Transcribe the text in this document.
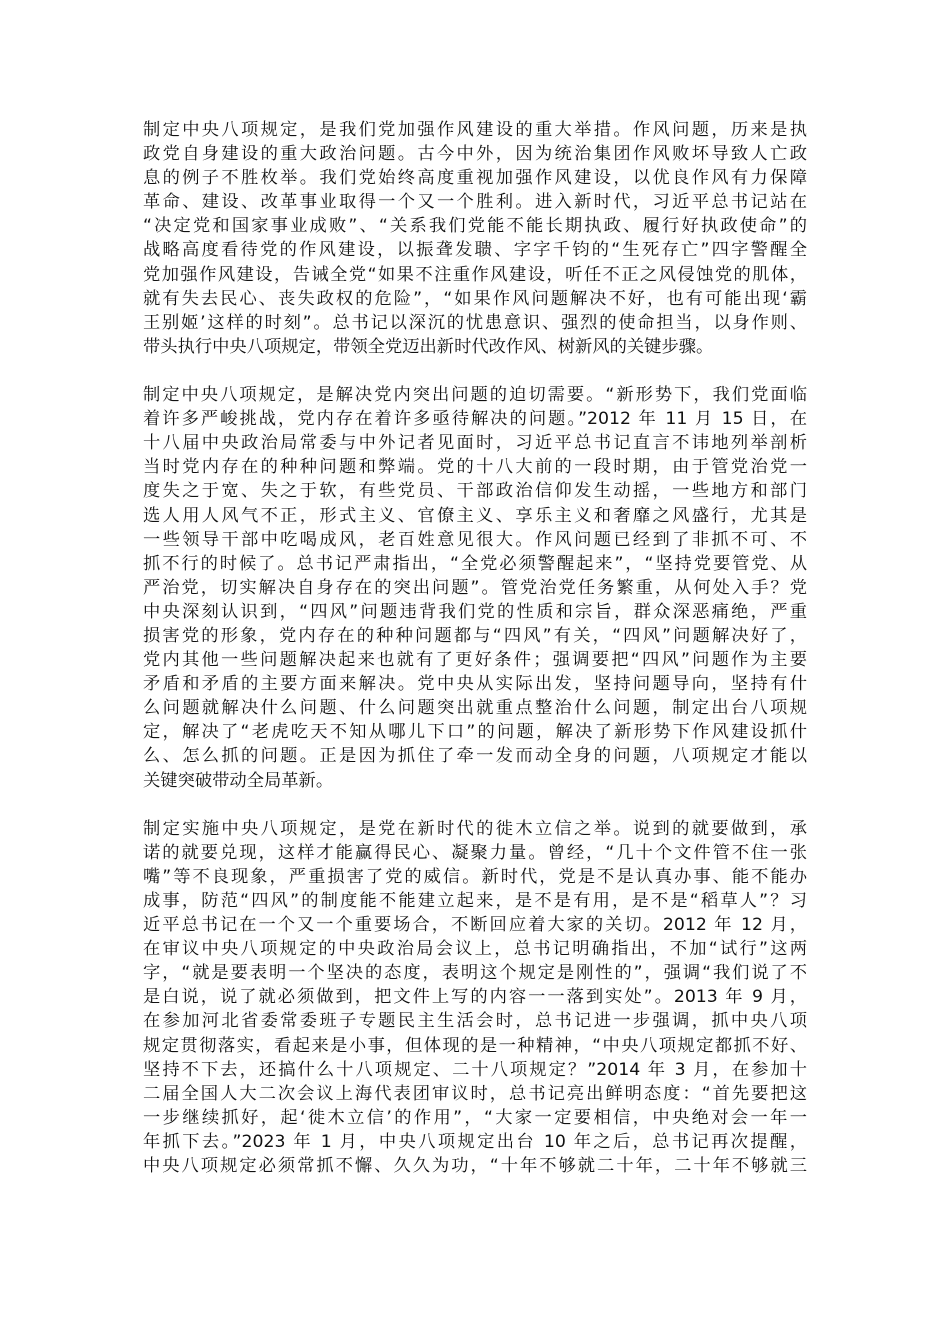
制定中央八项规定，是我们党加强作风建设的重大举措。作风问题，历来是执
政党自身建设的重大政治问题。古今中外，因为统治集团作风败坏导致人亡政
息的例子不胜枚举。我们党始终高度重视加强作风建设，以优良作风有力保障
革命、建设、改革事业取得一个又一个胜利。进入新时代，习近平总书记站在
“决定党和国家事业成败”、“关系我们党能不能长期执政、履行好执政使命”的
战略高度看待党的作风建设，以振聋发聩、字字千钧的“生死存亡”四字警醒全
党加强作风建设，告诫全党“如果不注重作风建设，听任不正之风侵蚀党的肌体，
就有失去民心、丧失政权的危险”，“如果作风问题解决不好，也有可能出现‘霸
王别姬’这样的时刻”。总书记以深沉的忧患意识、强烈的使命担当，以身作则、
带头执行中央八项规定，带领全党迈出新时代改作风、树新风的关键步骤。
制定中央八项规定，是解决党内突出问题的迫切需要。“新形势下，我们党面临
着许多严峻挑战，党内存在着许多亟待解决的问题。”2012 年 11 月 15 日，在
十八届中央政治局常委与中外记者见面时，习近平总书记直言不讳地列举剖析
当时党内存在的种种问题和弊端。党的十八大前的一段时期，由于管党治党一
度失之于宽、失之于软，有些党员、干部政治信仰发生动摇，一些地方和部门
选人用人风气不正，形式主义、官僚主义、享乐主义和奢靡之风盛行，尤其是
一些领导干部中吃喝成风，老百姓意见很大。作风问题已经到了非抓不可、不
抓不行的时候了。总书记严肃指出，“全党必须警醒起来”，“坚持党要管党、从
严治党，切实解决自身存在的突出问题”。管党治党任务繁重，从何处入手？党
中央深刻认识到，“四风”问题违背我们党的性质和宗旨，群众深恶痛绝，严重
损害党的形象，党内存在的种种问题都与“四风”有关，“四风”问题解决好了，
党内其他一些问题解决起来也就有了更好条件；强调要把“四风”问题作为主要
矛盾和矛盾的主要方面来解决。党中央从实际出发，坚持问题导向，坚持有什
么问题就解决什么问题、什么问题突出就重点整治什么问题，制定出台八项规
定，解决了“老虎吃天不知从哪儿下口”的问题，解决了新形势下作风建设抓什
么、怎么抓的问题。正是因为抓住了牵一发而动全身的问题，八项规定才能以
关键突破带动全局革新。
制定实施中央八项规定，是党在新时代的徙木立信之举。说到的就要做到，承
诺的就要兑现，这样才能赢得民心、凝聚力量。曾经，“几十个文件管不住一张
嘴”等不良现象，严重损害了党的威信。新时代，党是不是认真办事、能不能办
成事，防范“四风”的制度能不能建立起来，是不是有用，是不是“稻草人”？习
近平总书记在一个又一个重要场合，不断回应着大家的关切。2012 年 12 月，
在审议中央八项规定的中央政治局会议上，总书记明确指出，不加“试行”这两
字，“就是要表明一个坚决的态度，表明这个规定是刚性的”，强调“我们说了不
是白说，说了就必须做到，把文件上写的内容一一落到实处”。2013 年 9 月，
在参加河北省委常委班子专题民主生活会时，总书记进一步强调，抓中央八项
规定贯彻落实，看起来是小事，但体现的是一种精神，“中央八项规定都抓不好、
坚持不下去，还搞什么十八项规定、二十八项规定？”2014 年 3 月，在参加十
二届全国人大二次会议上海代表团审议时，总书记亮出鲜明态度：“首先要把这
一步继续抓好，起‘徙木立信’的作用”，“大家一定要相信，中央绝对会一年一
年抓下去。”2023 年 1 月，中央八项规定出台 10 年之后，总书记再次提醒，
中央八项规定必须常抓不懈、久久为功，“十年不够就二十年，二十年不够就三
